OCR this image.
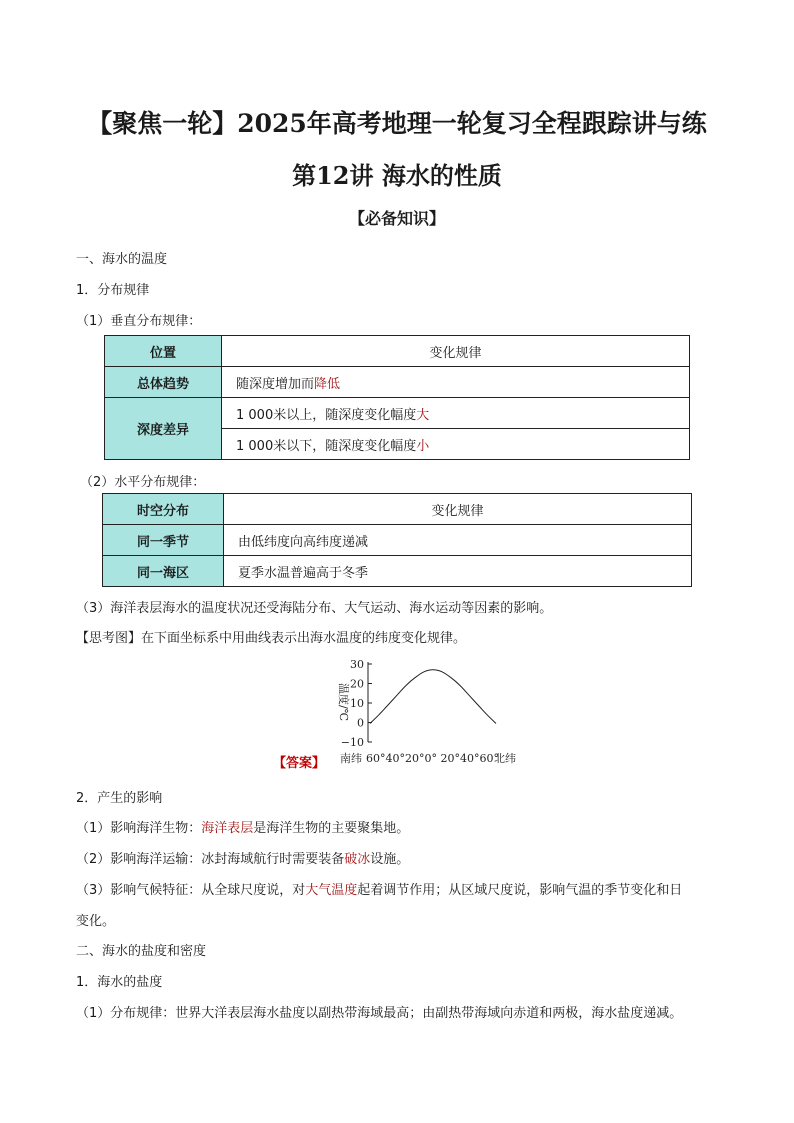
【聚焦一轮】2025年高考地理一轮复习全程跟踪讲与练
第12讲 海水的性质
【必备知识】
一、海水的温度
1．分布规律
（1）垂直分布规律：
位置	变化规律
总体趋势	随深度增加而降低
深度差异	1 000米以上，随深度变化幅度大
	1 000米以下，随深度变化幅度小
（2）水平分布规律：
时空分布	变化规律
同一季节	由低纬度向高纬度递减
同一海区	夏季水温普遍高于冬季
（3）海洋表层海水的温度状况还受海陆分布、大气运动、海水运动等因素的影响。
【思考图】在下面坐标系中用曲线表示出海水温度的纬度变化规律。
【答案】
30
20
10
0
−10
温度/℃
南纬 60°40°20°0° 20°40°60°
北纬
2．产生的影响
（1）影响海洋生物：海洋表层是海洋生物的主要聚集地。
（2）影响海洋运输：冰封海域航行时需要装备破冰设施。
（3）影响气候特征：从全球尺度说，对大气温度起着调节作用；从区域尺度说，影响气温的季节变化和日
变化。
二、海水的盐度和密度
1．海水的盐度
（1）分布规律：世界大洋表层海水盐度以副热带海域最高；由副热带海域向赤道和两极，海水盐度递减。
